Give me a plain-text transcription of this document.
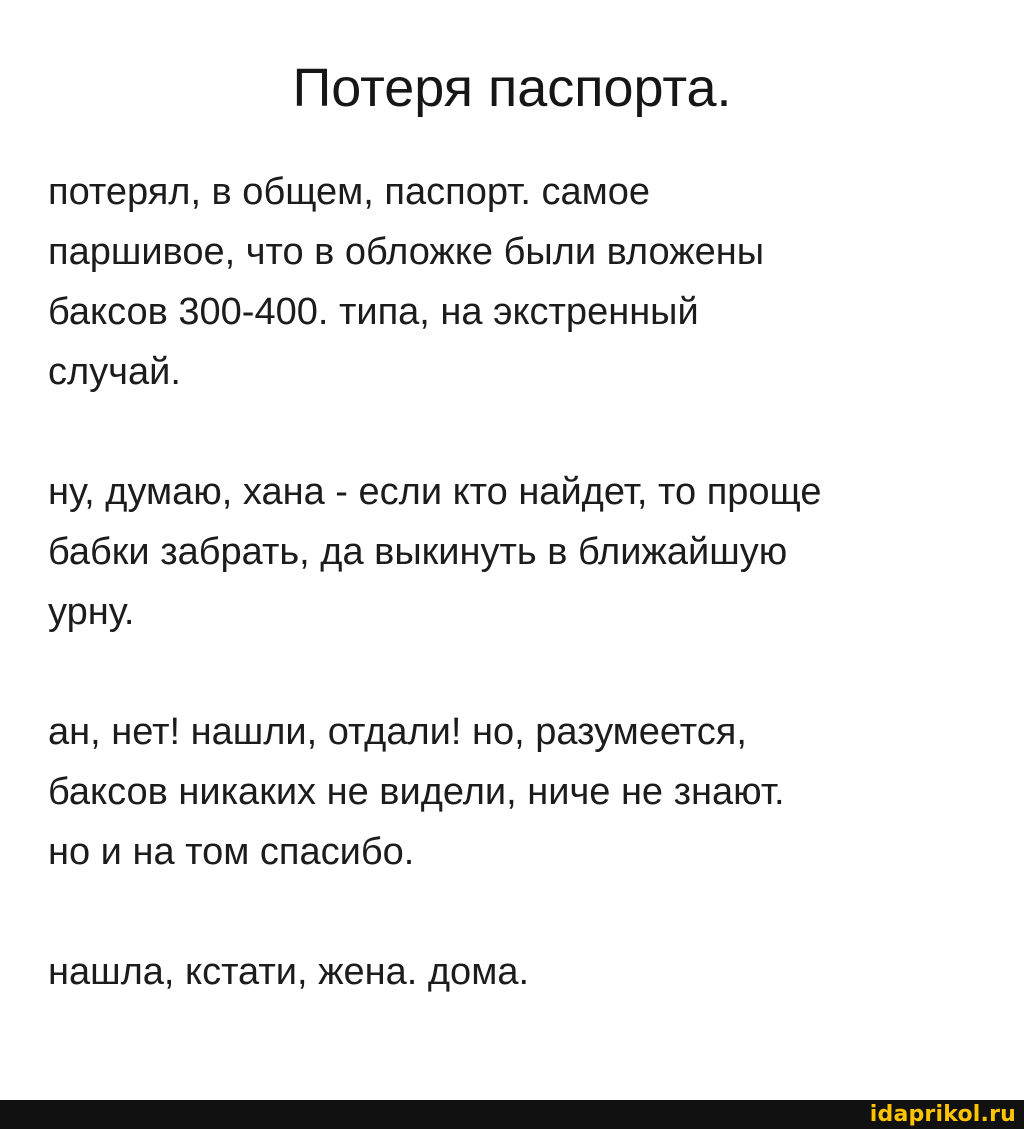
Потеря паспорта.

потерял, в общем, паспорт. самое
паршивое, что в обложке были вложены
баксов 300-400. типа, на экстренный
случай.

ну, думаю, хана - если кто найдет, то проще
бабки забрать, да выкинуть в ближайшую
урну.

ан, нет! нашли, отдали! но, разумеется,
баксов никаких не видели, ниче не знают.
но и на том спасибо.

нашла, кстати, жена. дома.

idaprikol.ru
